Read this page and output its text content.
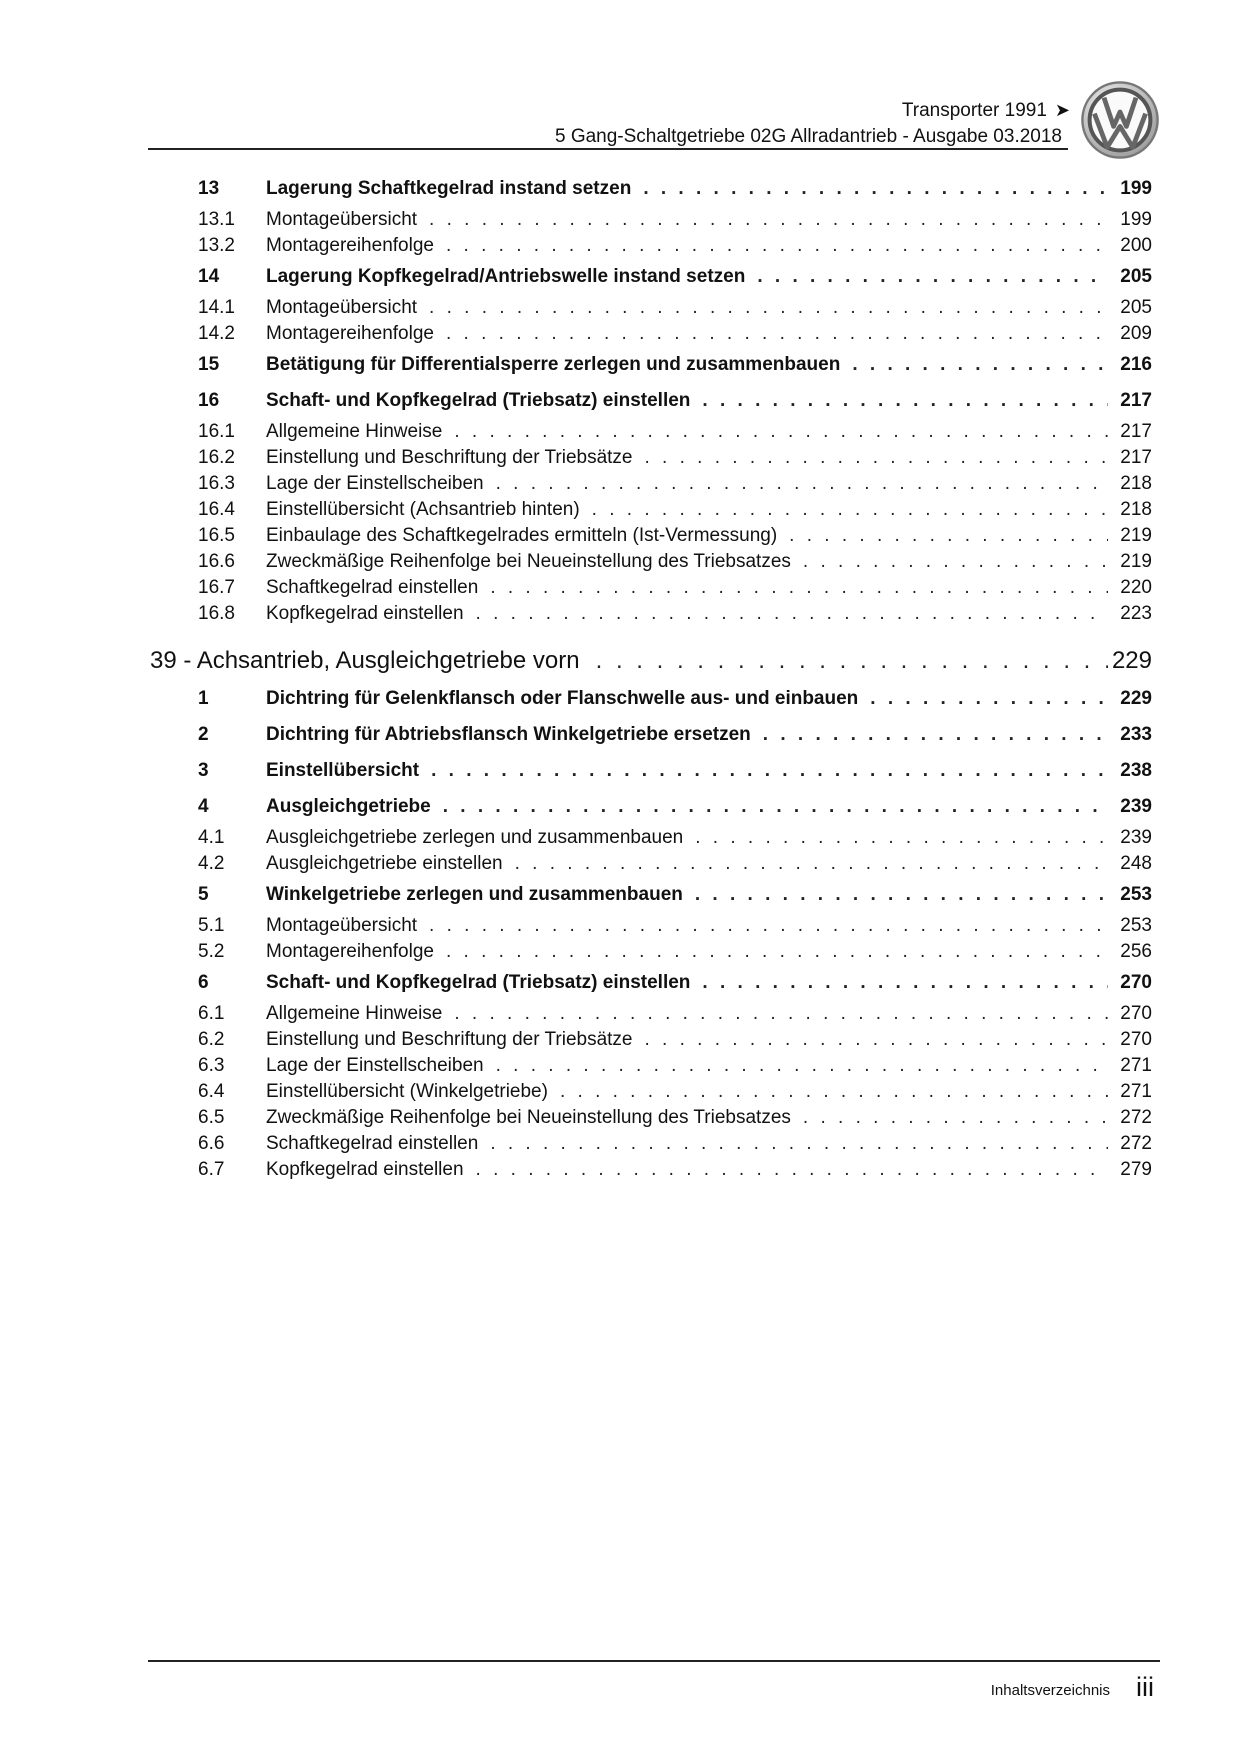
Transporter 1991 ➤
5 Gang-Schaltgetriebe 02G Allradantrieb - Ausgabe 03.2018
13	Lagerung Schaftkegelrad instand setzen . . .	199
13.1	Montageübersicht . . .	199
13.2	Montagereihenfolge . . .	200
14	Lagerung Kopfkegelrad/Antriebswelle instand setzen . . .	205
14.1	Montageübersicht . . .	205
14.2	Montagereihenfolge . . .	209
15	Betätigung für Differentialsperre zerlegen und zusammenbauen . . .	216
16	Schaft- und Kopfkegelrad (Triebsatz) einstellen . . .	217
16.1	Allgemeine Hinweise . . .	217
16.2	Einstellung und Beschriftung der Triebsätze . . .	217
16.3	Lage der Einstellscheiben . . .	218
16.4	Einstellübersicht (Achsantrieb hinten) . . .	218
16.5	Einbaulage des Schaftkegelrades ermitteln (Ist-Vermessung) . . .	219
16.6	Zweckmäßige Reihenfolge bei Neueinstellung des Triebsatzes . . .	219
16.7	Schaftkegelrad einstellen . . .	220
16.8	Kopfkegelrad einstellen . . .	223
39 - Achsantrieb, Ausgleichgetriebe vorn . . .	229
1	Dichtring für Gelenkflansch oder Flanschwelle aus- und einbauen . . .	229
2	Dichtring für Abtriebsflansch Winkelgetriebe ersetzen . . .	233
3	Einstellübersicht . . .	238
4	Ausgleichgetriebe . . .	239
4.1	Ausgleichgetriebe zerlegen und zusammenbauen . . .	239
4.2	Ausgleichgetriebe einstellen . . .	248
5	Winkelgetriebe zerlegen und zusammenbauen . . .	253
5.1	Montageübersicht . . .	253
5.2	Montagereihenfolge . . .	256
6	Schaft- und Kopfkegelrad (Triebsatz) einstellen . . .	270
6.1	Allgemeine Hinweise . . .	270
6.2	Einstellung und Beschriftung der Triebsätze . . .	270
6.3	Lage der Einstellscheiben . . .	271
6.4	Einstellübersicht (Winkelgetriebe) . . .	271
6.5	Zweckmäßige Reihenfolge bei Neueinstellung des Triebsatzes . . .	272
6.6	Schaftkegelrad einstellen . . .	272
6.7	Kopfkegelrad einstellen . . .	279
Inhaltsverzeichnis iii
